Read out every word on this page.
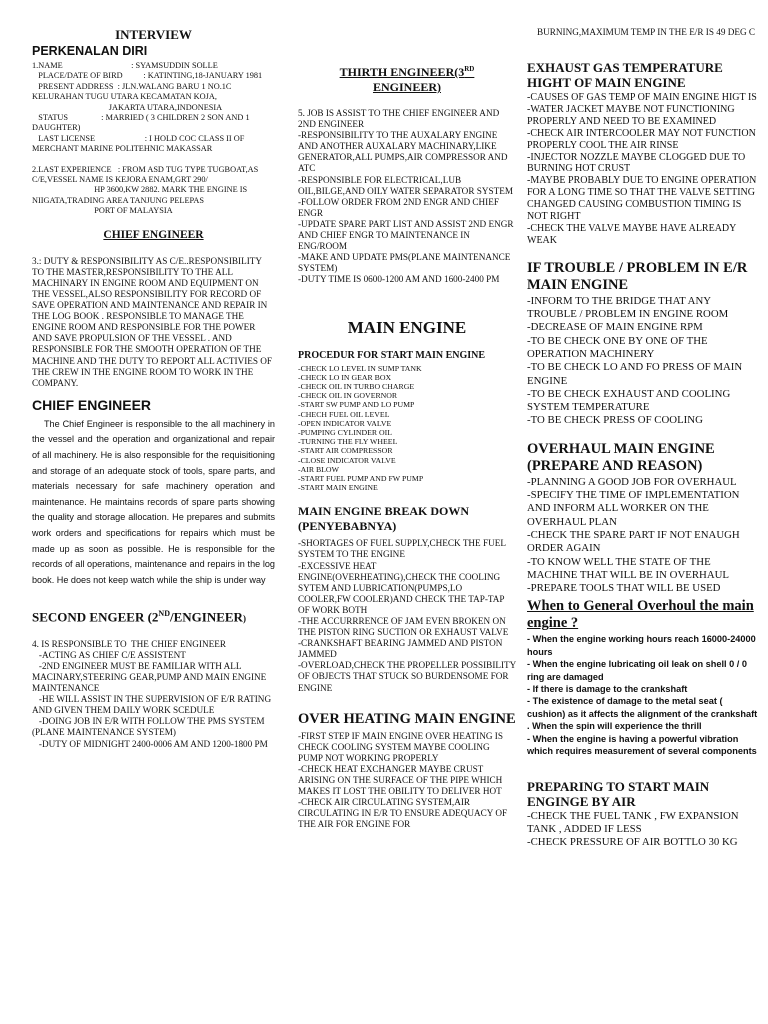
INTERVIEW
PERKENALAN DIRI

1.NAME                                 : SYAMSUDDIN SOLLE

PLACE/DATE OF BIRD          : KATINTING,18-JANUARY 1981

PRESENT ADDRESS  : JLN.WALANG BARU 1 NO.1C KELURAHAN TUGU UTARA KECAMATAN KOJA,

JAKARTA UTARA,INDONESIA

STATUS                : MARRIED ( 3 CHILDREN 2 SON AND 1 DAUGHTER)

LAST LICENSE                        : I HOLD COC CLASS II OF MERCHANT MARINE POLITEHNIC MAKASSAR

2.LAST EXPERIENCE   : FROM ASD TUG TYPE TUGBOAT,AS C/E,VESSEL NAME IS KEJORA ENAM,GRT 290/

HP 3600,KW 2882. MARK THE ENGINE IS NIIGATA,TRADING AREA TANJUNG PELEPAS

PORT OF MALAYSIA

CHIEF ENGINEER

3.: DUTY & RESPONSIBILITY AS C/E..RESPONSIBILITY TO THE MASTER,RESPONSIBILITY TO THE ALL MACHINARY IN ENGINE ROOM AND EQUIPMENT ON THE VESSEL,ALSO RESPONSIBILITY FOR RECORD OF SAVE OPERATION AND MAINTENANCE AND REPAIR IN THE LOG BOOK . RESPONSIBLE TO MANAGE THE ENGINE ROOM AND RESPONSIBLE FOR THE POWER AND SAVE PROPULSION OF THE VESSEL . AND RESPONSIBLE FOR THE SMOOTH OPERATION OF THE MACHINE AND THE DUTY TO REPORT ALL ACTIVIES OF THE CREW IN THE ENGINE ROOM TO WORK IN THE COMPANY.

CHIEF ENGINEER

The Chief Engineer is responsible to the all machinery in the vessel and the operation and organizational and repair of all machinery. He is also responsible for the requisitioning and storage of an adequate stock of tools, spare parts, and materials necessary for safe machinery operation and maintenance. He maintains records of spare parts showing the quality and storage allocation. He prepares and submits work orders and specifications for repairs which must be made up as soon as possible. He is responsible for the records of all operations, maintenance and repairs in the log book. He does not keep watch while the ship is under way

SECOND ENGEER (2ND/ENGINEER)

4. IS RESPONSIBLE TO  THE CHIEF ENGINEER

-ACTING AS CHIEF C/E ASSISTENT

-2ND ENGINEER MUST BE FAMILIAR WITH ALL MACINARY,STEERING GEAR,PUMP AND MAIN ENGINE   MAINTENANCE

-HE WILL ASSIST IN THE SUPERVISION OF E/R RATING AND GIVEN THEM DAILY WORK SCEDULE

-DOING JOB IN E/R WITH FOLLOW THE PMS SYSTEM (PLANE MAINTENANCE SYSTEM)

-DUTY OF MIDNIGHT 2400-0006 AM AND 1200-1800 PM

THIRTH ENGINEER(3RD
ENGINEER)

5. JOB IS ASSIST TO THE CHIEF ENGINEER AND 2ND ENGINEER

-RESPONSIBILITY TO THE AUXALARY ENGINE AND ANOTHER AUXALARY MACHINARY,LIKE GENERATOR,ALL PUMPS,AIR COMPRESSOR AND ATC

-RESPONSIBLE FOR ELECTRICAL,LUB OIL,BILGE,AND OILY WATER SEPARATOR SYSTEM

-FOLLOW ORDER FROM 2ND ENGR AND CHIEF ENGR

-UPDATE SPARE PART LIST AND ASSIST 2ND ENGR AND CHIEF ENGR TO MAINTENANCE IN ENG/ROOM

-MAKE AND UPDATE PMS(PLANE MAINTENANCE SYSTEM)

-DUTY TIME IS 0600-1200 AM AND 1600-2400 PM

MAIN ENGINE
PROCEDUR FOR START MAIN ENGINE

-CHECK LO LEVEL IN SUMP TANK

-CHECK LO IN GEAR BOX

-CHECK OIL IN TURBO CHARGE

-CHECK OIL IN GOVERNOR

-START SW PUMP AND LO PUMP

-CHECH FUEL OIL LEVEL

-OPEN INDICATOR VALVE

-PUMPING CYLINDER OIL

-TURNING THE FLY WHEEL

-START AIR COMPRESSOR

-CLOSE INDICATOR VALVE

-AIR BLOW

-START FUEL PUMP AND FW PUMP

-START MAIN ENGINE

MAIN ENGINE BREAK DOWN (PENYEBABNYA)

-SHORTAGES OF FUEL SUPPLY,CHECK THE FUEL SYSTEM TO THE ENGINE

-EXCESSIVE HEAT ENGINE(OVERHEATING),CHECK THE COOLING SYTEM AND LUBRICATION(PUMPS,LO COOLER,FW COOLER)AND CHECK THE TAP-TAP OF WORK BOTH

-THE ACCURRRENCE OF JAM EVEN BROKEN ON THE PISTON RING SUCTION OR EXHAUST VALVE

-CRANKSHAFT BEARING JAMMED AND PISTON JAMMED

-OVERLOAD,CHECK THE PROPELLER POSSIBILITY OF OBJECTS THAT STUCK SO BURDENSOME FOR ENGINE

OVER HEATING MAIN ENGINE

-FIRST STEP IF MAIN ENGINE OVER HEATING IS CHECK COOLING SYSTEM MAYBE COOLING PUMP NOT WORKING PROPERLY

-CHECK HEAT EXCHANGER MAYBE CRUST ARISING ON THE SURFACE OF THE PIPE WHICH MAKES IT LOST THE OBILITY TO DELIVER HOT

-CHECK AIR CIRCULATING SYSTEM,AIR CIRCULATING IN E/R TO ENSURE ADEQUACY OF THE AIR FOR ENGINE FOR

BURNING,MAXIMUM TEMP IN THE E/R IS 49 DEG C

EXHAUST GAS TEMPERATURE HIGHT OF MAIN ENGINE

-CAUSES OF GAS TEMP OF MAIN ENGINE HIGT IS

-WATER JACKET MAYBE NOT FUNCTIONING PROPERLY AND NEED TO BE EXAMINED

-CHECK AIR INTERCOOLER MAY NOT FUNCTION PROPERLY COOL THE AIR RINSE

-INJECTOR NOZZLE MAYBE CLOGGED DUE TO BURNING HOT CRUST

-MAYBE PROBABLY DUE TO ENGINE OPERATION FOR A LONG TIME SO THAT THE VALVE SETTING CHANGED CAUSING COMBUSTION TIMING IS NOT RIGHT

-CHECK THE VALVE MAYBE HAVE ALREADY WEAK

IF TROUBLE / PROBLEM IN E/R MAIN ENGINE

-INFORM TO THE BRIDGE THAT ANY TROUBLE / PROBLEM IN ENGINE ROOM

-DECREASE OF MAIN ENGINE RPM

-TO BE CHECK ONE BY ONE OF THE OPERATION MACHINERY

-TO BE CHECK LO AND FO PRESS OF MAIN ENGINE

-TO BE CHECK EXHAUST AND COOLING SYSTEM TEMPERATURE

-TO BE CHECK PRESS OF COOLING

OVERHAUL MAIN ENGINE (PREPARE AND REASON)

-PLANNING A GOOD JOB FOR OVERHAUL

-SPECIFY THE TIME OF IMPLEMENTATION AND INFORM ALL WORKER ON THE OVERHAUL PLAN

-CHECK THE SPARE PART IF NOT ENAUGH ORDER AGAIN

-TO KNOW WELL THE STATE OF THE MACHINE THAT WILL BE IN OVERHAUL

-PREPARE TOOLS THAT WILL BE USED

When to General Overhoul the main engine ?

- When the engine working hours reach 16000-24000 hours

- When the engine lubricating oil leak on shell 0 / 0 ring are damaged

- If there is damage to the crankshaft

- The existence of damage to the metal seat ( cushion) as it affects the alignment of the crankshaft . When the spin will experience the thrill

- When the engine is having a powerful vibration which requires measurement of several components

PREPARING TO START MAIN ENGINGE BY AIR

-CHECK THE FUEL TANK , FW EXPANSION TANK , ADDED IF LESS

-CHECK PRESSURE OF AIR BOTTLO 30 KG
